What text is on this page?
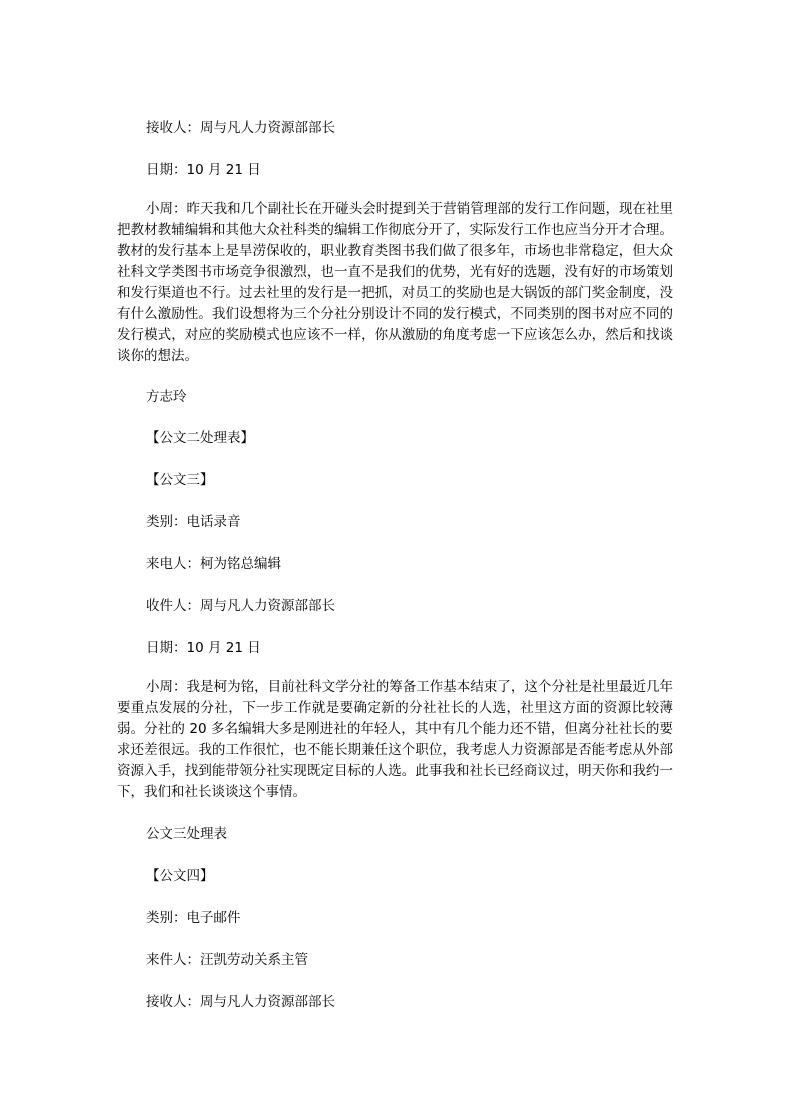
接收人：周与凡人力资源部部长
日期：10 月 21 日
小周：昨天我和几个副社长在开碰头会时提到关于营销管理部的发行工作问题，现在社里把教材教辅编辑和其他大众社科类的编辑工作彻底分开了，实际发行工作也应当分开才合理。教材的发行基本上是旱涝保收的，职业教育类图书我们做了很多年，市场也非常稳定，但大众社科文学类图书市场竞争很激烈，也一直不是我们的优势，光有好的选题，没有好的市场策划和发行渠道也不行。过去社里的发行是一把抓，对员工的奖励也是大锅饭的部门奖金制度，没有什么激励性。我们设想将为三个分社分别设计不同的发行模式，不同类别的图书对应不同的发行模式，对应的奖励模式也应该不一样，你从激励的角度考虑一下应该怎么办，然后和找谈谈你的想法。
方志玲
【公文二处理表】
【公文三】
类别：电话录音
来电人：柯为铭总编辑
收件人：周与凡人力资源部部长
日期：10 月 21 日
小周：我是柯为铭，目前社科文学分社的筹备工作基本结束了，这个分社是社里最近几年要重点发展的分社，下一步工作就是要确定新的分社社长的人选，社里这方面的资源比较薄弱。分社的 20 多名编辑大多是刚进社的年轻人，其中有几个能力还不错，但离分社社长的要求还差很远。我的工作很忙，也不能长期兼任这个职位，我考虑人力资源部是否能考虑从外部资源入手，找到能带领分社实现既定目标的人选。此事我和社长已经商议过，明天你和我约一下，我们和社长谈谈这个事情。
公文三处理表
【公文四】
类别：电子邮件
来件人：汪凯劳动关系主管
接收人：周与凡人力资源部部长
